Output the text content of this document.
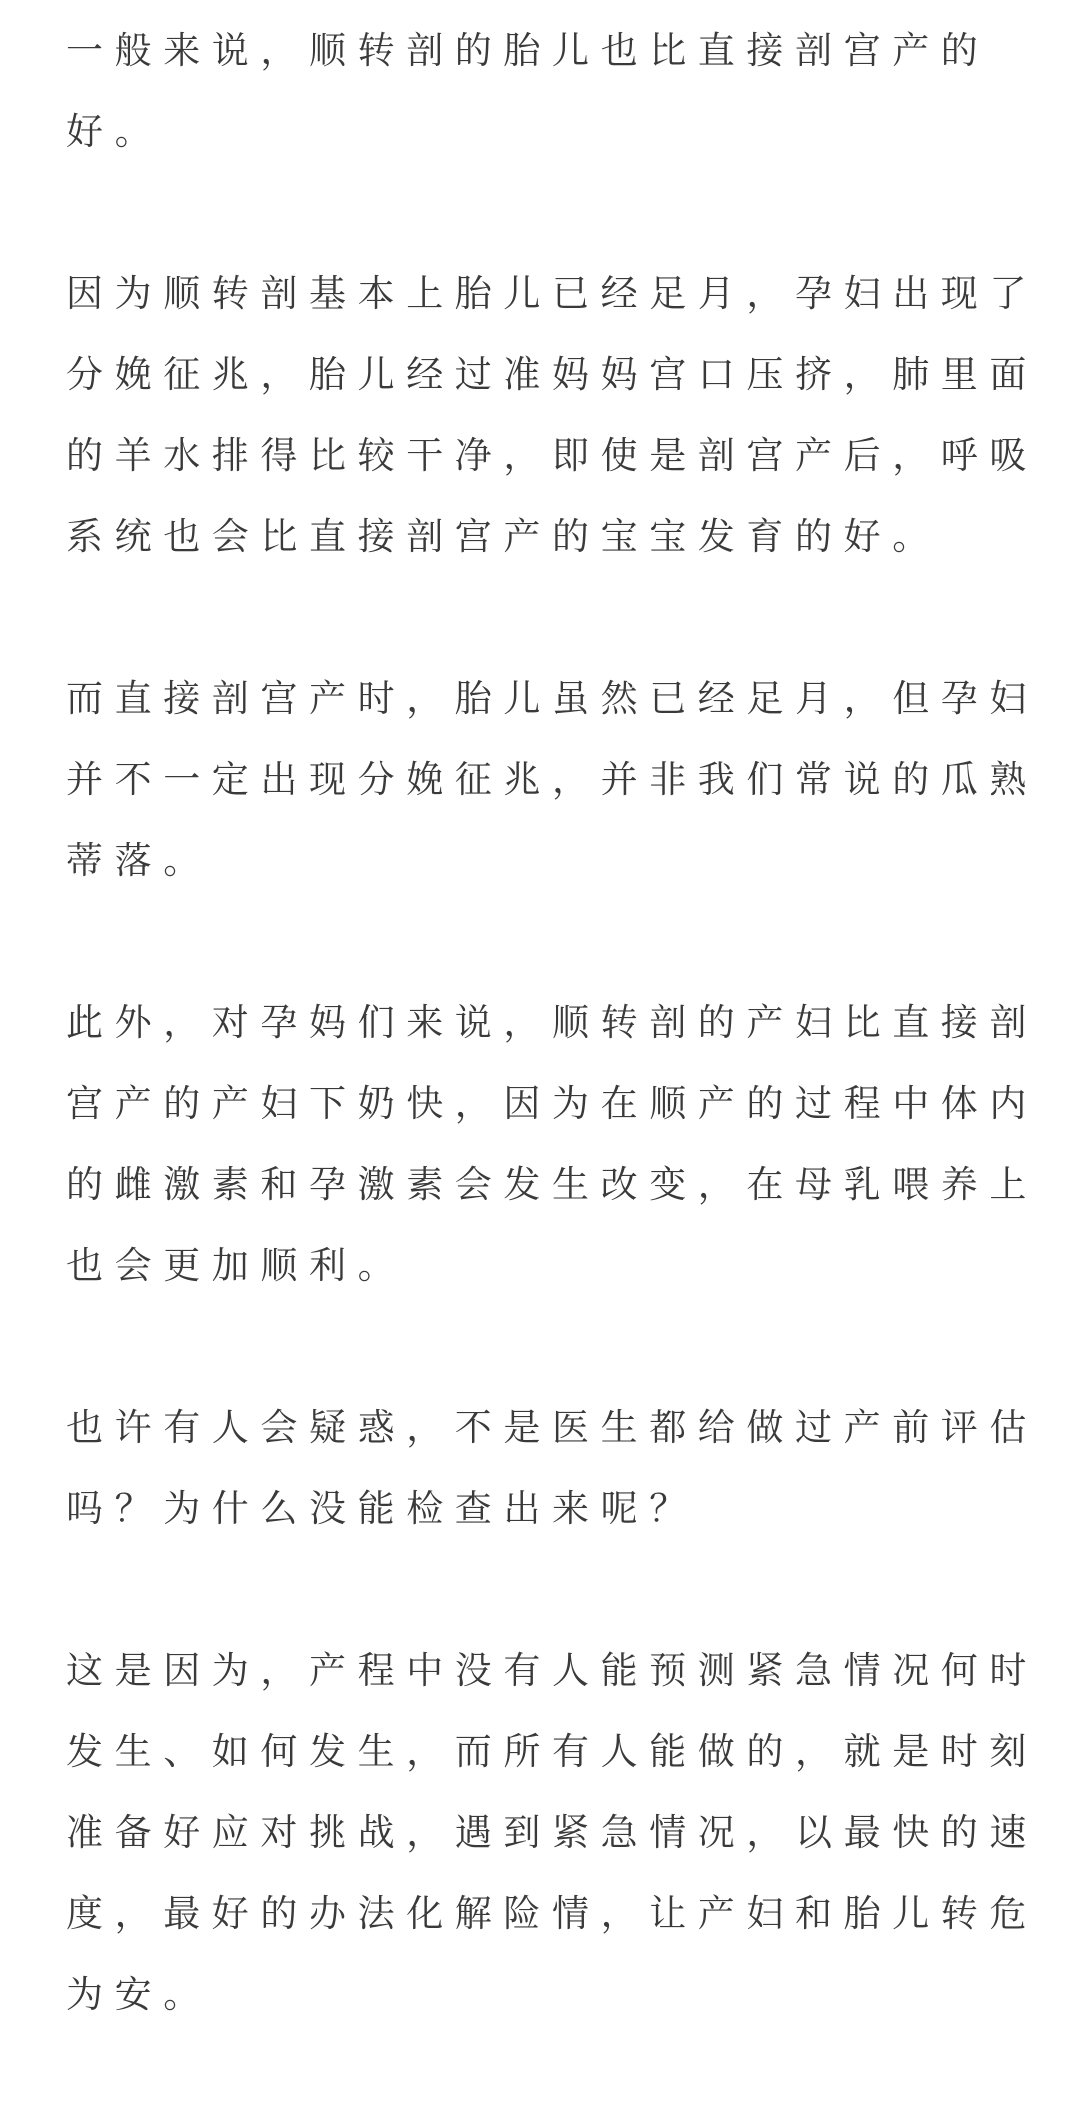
一般来说，顺转剖的胎儿也比直接剖宫产的
好。

因为顺转剖基本上胎儿已经足月，孕妇出现了
分娩征兆，胎儿经过准妈妈宫口压挤，肺里面
的羊水排得比较干净，即使是剖宫产后，呼吸
系统也会比直接剖宫产的宝宝发育的好。

而直接剖宫产时，胎儿虽然已经足月，但孕妇
并不一定出现分娩征兆，并非我们常说的瓜熟
蒂落。

此外，对孕妈们来说，顺转剖的产妇比直接剖
宫产的产妇下奶快，因为在顺产的过程中体内
的雌激素和孕激素会发生改变，在母乳喂养上
也会更加顺利。

也许有人会疑惑，不是医生都给做过产前评估
吗？为什么没能检查出来呢？

这是因为，产程中没有人能预测紧急情况何时
发生、如何发生，而所有人能做的，就是时刻
准备好应对挑战，遇到紧急情况，以最快的速
度，最好的办法化解险情，让产妇和胎儿转危
为安。
